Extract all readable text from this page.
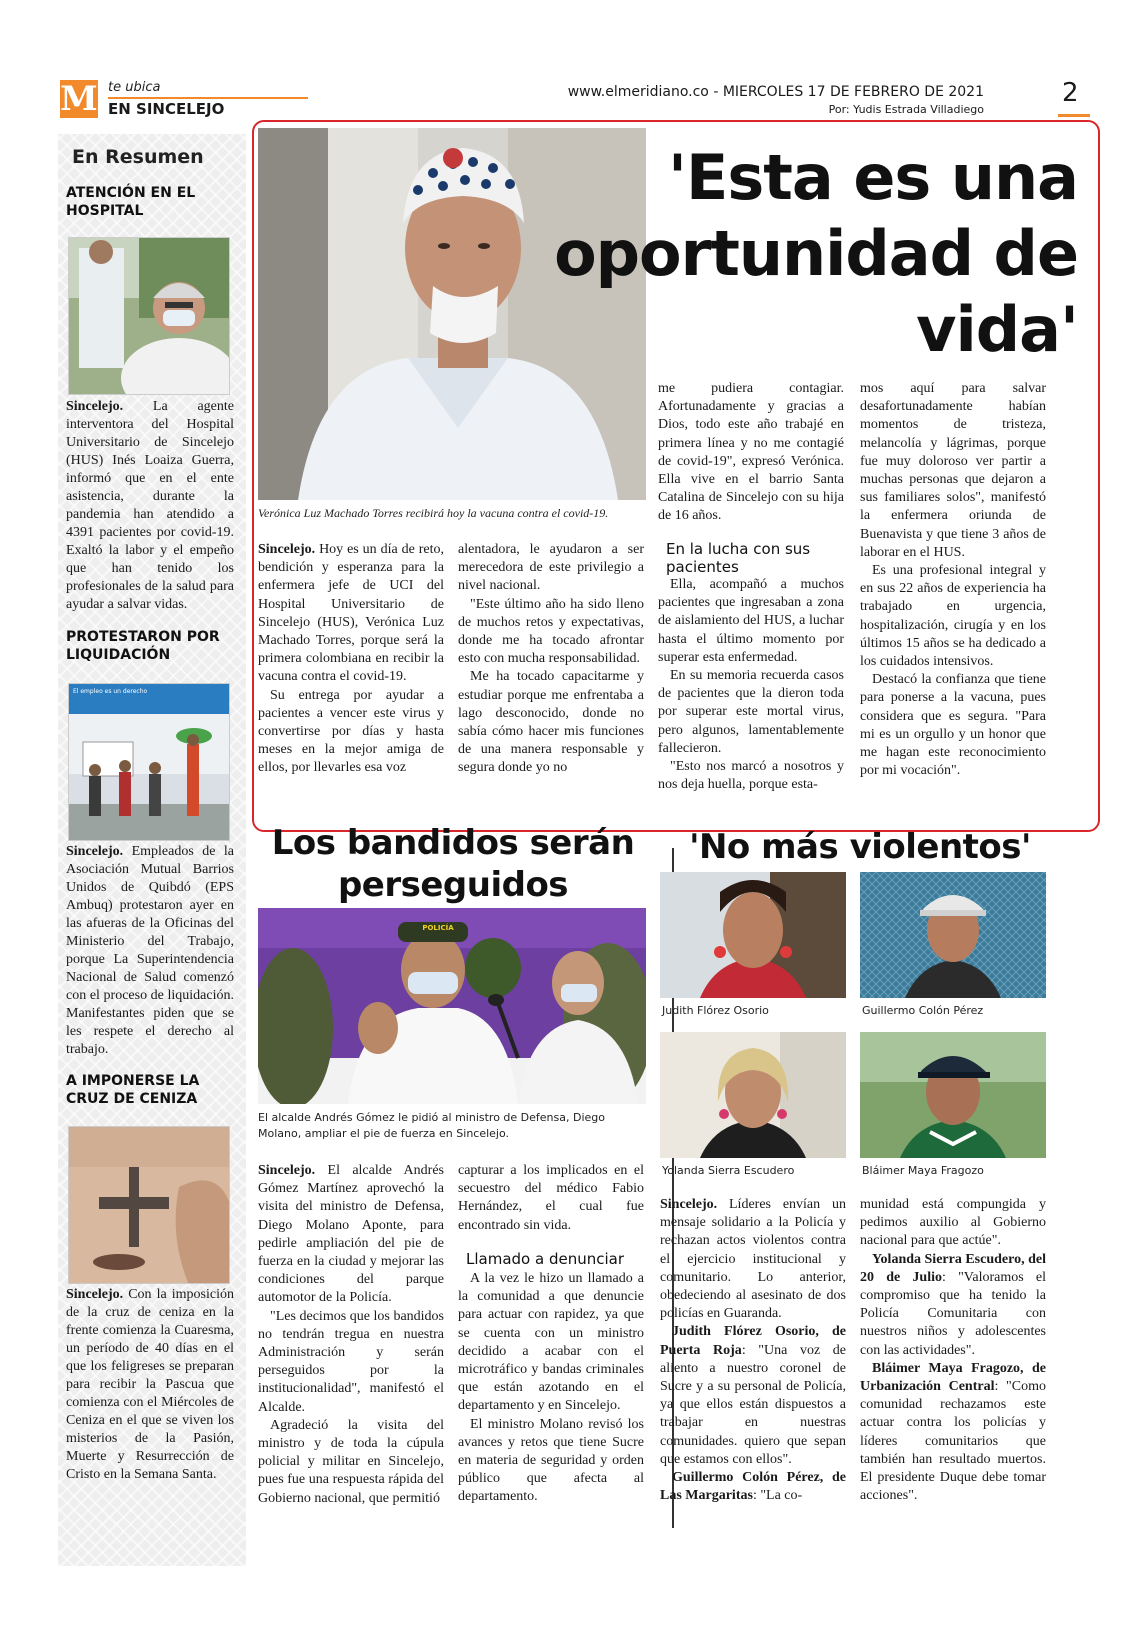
M te ubica
EN SINCELEJO
www.elmeridiano.co - MIERCOLES 17 DE FEBRERO DE 2021
Por: Yudis Estrada Villadiego
2
En Resumen
ATENCIÓN EN EL HOSPITAL
Sincelejo. La agente interventora del Hospital Universitario de Sincelejo (HUS) Inés Loaiza Guerra, informó que en el ente asistencia, durante la pandemia han atendido a 4391 pacientes por covid-19. Exaltó la labor y el empeño que han tenido los profesionales de la salud para ayudar a salvar vidas.
PROTESTARON POR LIQUIDACIÓN
El empleo es un derecho
Sincelejo. Empleados de la Asociación Mutual Barrios Unidos de Quibdó (EPS Ambuq) protestaron ayer en las afueras de la Oficinas del Ministerio del Trabajo, porque La Superintendencia Nacional de Salud comenzó con el proceso de liquidación. Manifestantes piden que se les respete el derecho al trabajo.
A IMPONERSE LA CRUZ DE CENIZA
Sincelejo. Con la imposición de la cruz de ceniza en la frente comienza la Cuaresma, un período de 40 días en el que los feligreses se preparan para recibir la Pascua que comienza con el Miércoles de Ceniza en el que se viven los misterios de la Pasión, Muerte y Resurrección de Cristo en la Semana Santa.
Verónica Luz Machado Torres recibirá hoy la vacuna contra el covid-19.
'Esta es una oportunidad de vida'

me pudiera contagiar. Afortunadamente y gracias a Dios, todo este año trabajé en primera línea y no me contagié de covid-19", expresó Verónica. Ella vive en el barrio Santa Catalina de Sincelejo con su hija de 16 años.

Sincelejo. Hoy es un día de reto, bendición y esperanza para la enfermera jefe de UCI del Hospital Universitario de Sincelejo (HUS), Verónica Luz Machado Torres, porque será la primera colombiana en recibir la vacuna contra el covid-19.

Su entrega por ayudar a pacientes a vencer este virus y convertirse por días y hasta meses en la mejor amiga de ellos, por llevarles esa voz

alentadora, le ayudaron a ser merecedora de este privilegio a nivel nacional.

"Este último año ha sido lleno de muchos retos y expectativas, donde me ha tocado afrontar esto con mucha responsabilidad.

Me ha tocado capacitarme y estudiar porque me enfrentaba a lago desconocido, donde no sabía cómo hacer mis funciones de una manera responsable y segura donde yo no

En la lucha con sus pacientes

Ella, acompañó a muchos pacientes que ingresaban a zona de aislamiento del HUS, a luchar hasta el último momento por superar esta enfermedad.

En su memoria recuerda casos de pacientes que la dieron toda por superar este mortal virus, pero algunos, lamentablemente fallecieron.

"Esto nos marcó a nosotros y nos deja huella, porque esta-

mos aquí para salvar desafortunadamente habían momentos de tristeza, melancolía y lágrimas, porque fue muy doloroso ver partir a muchas personas que dejaron a sus familiares solos", manifestó la enfermera oriunda de Buenavista y que tiene 3 años de laborar en el HUS.

Es una profesional integral y en sus 22 años de experiencia ha trabajado en urgencia, hospitalización, cirugía y en los últimos 15 años se ha dedicado a los cuidados intensivos.

Destacó la confianza que tiene para ponerse a la vacuna, pues considera que es segura. "Para mi es un orgullo y un honor que me hagan este reconocimiento por mi vocación".

Los bandidos serán perseguidos
POLICÍA
El alcalde Andrés Gómez le pidió al ministro de Defensa, Diego Molano, ampliar el pie de fuerza en Sincelejo.

Sincelejo. El alcalde Andrés Gómez Martínez aprovechó la visita del ministro de Defensa, Diego Molano Aponte, para pedirle ampliación del pie de fuerza en la ciudad y mejorar las condiciones del parque automotor de la Policía.

"Les decimos que los bandidos no tendrán tregua en nuestra Administración y serán perseguidos por la institucionalidad", manifestó el Alcalde.

Agradeció la visita del ministro y de toda la cúpula policial y militar en Sincelejo, pues fue una respuesta rápida del Gobierno nacional, que permitió

capturar a los implicados en el secuestro del médico Fabio Hernández, el cual fue encontrado sin vida.

Llamado a denunciar

A la vez le hizo un llamado a la comunidad a que denuncie para actuar con rapidez, ya que se cuenta con un ministro decidido a acabar con el microtráfico y bandas criminales que están azotando en el departamento y en Sincelejo.

El ministro Molano revisó los avances y retos que tiene Sucre en materia de seguridad y orden público que afecta al departamento.

'No más violentos'
Judith Flórez Osorio	Guillermo Colón Pérez
Yolanda Sierra Escudero	Bláimer Maya Fragozo

Sincelejo. Líderes envían un mensaje solidario a la Policía y rechazan actos violentos contra el ejercicio institucional y comunitario. Lo anterior, obedeciendo al asesinato de dos policías en Guaranda.

Judith Flórez Osorio, de Puerta Roja: "Una voz de aliento a nuestro coronel de Sucre y a su personal de Policía, ya que ellos están dispuestos a trabajar en nuestras comunidades. quiero que sepan que estamos con ellos".

Guillermo Colón Pérez, de Las Margaritas: "La co-

munidad está compungida y pedimos auxilio al Gobierno nacional para que actúe".

Yolanda Sierra Escudero, del 20 de Julio: "Valoramos el compromiso que ha tenido la Policía Comunitaria con nuestros niños y adolescentes con las actividades".

Bláimer Maya Fragozo, de Urbanización Central: "Como comunidad rechazamos este actuar contra los policías y líderes comunitarios que también han resultado muertos. El presidente Duque debe tomar acciones".
